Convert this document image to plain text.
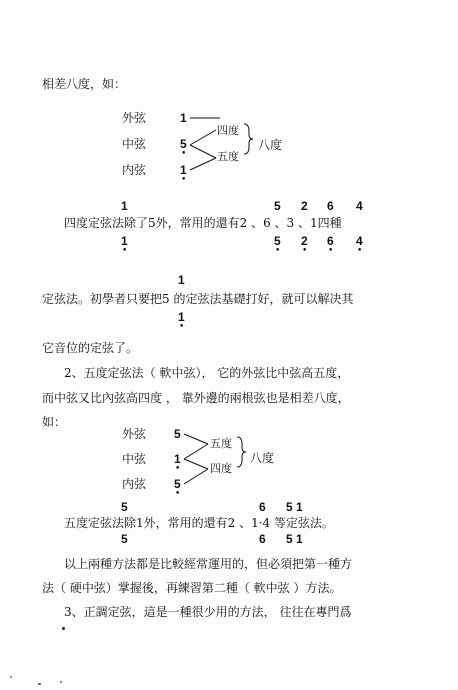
相差八度，如：
外弦	1
中弦	5
•
内弦	1
•
四度
五度
八度
1	5 2 6 4
四度定弦法除了5外，常用的還有2 、6 、3 、1四種
1
•
5
•
2
•
6
•
4
•
1
定弦法。初學者只要把5 的定弦法基礎打好，就可以解决其
1
•
它音位的定弦了。
2、五度定弦法（ 軟中弦）， 它的外弦比中弦高五度，
而中弦又比內弦高四度 ， 靠外邊的兩根弦也是相差八度，
如：
外弦 5
中弦 1
•
内弦 5
•
五度
四度
八度
5	6 5 1
五度定弦法除1外，常用的還有2 、1·4 等定弦法。
5	6 5 1
以上兩種方法都是比較經常運用的，但必須把第一種方
法（ 硬中弦）掌握後，再練習第二種（ 軟中弦 ）方法。
3、正調定弦，這是一種很少用的方法， 往往在專門爲
